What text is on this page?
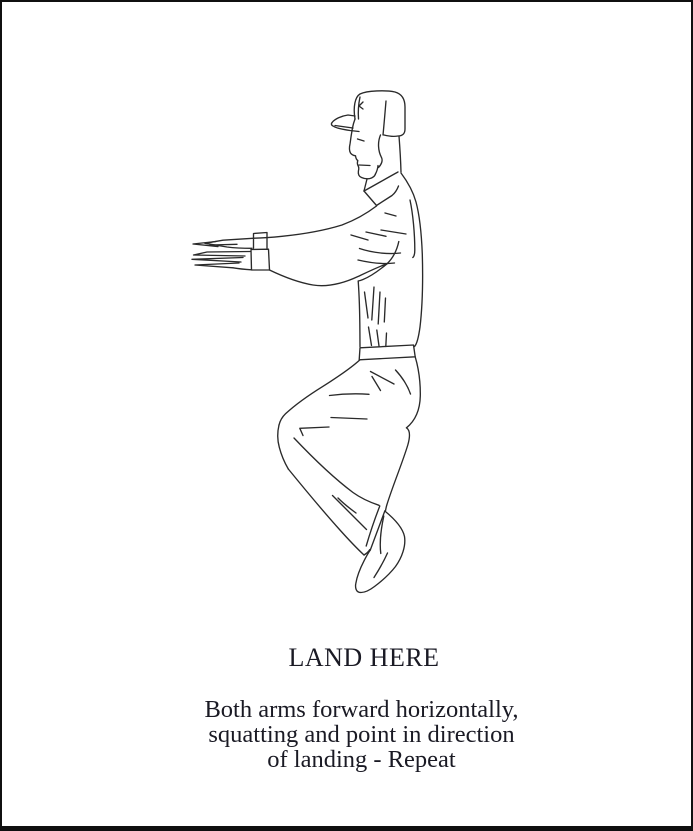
LAND HERE
Both arms forward horizontally,
squatting and point in direction
of landing - Repeat
